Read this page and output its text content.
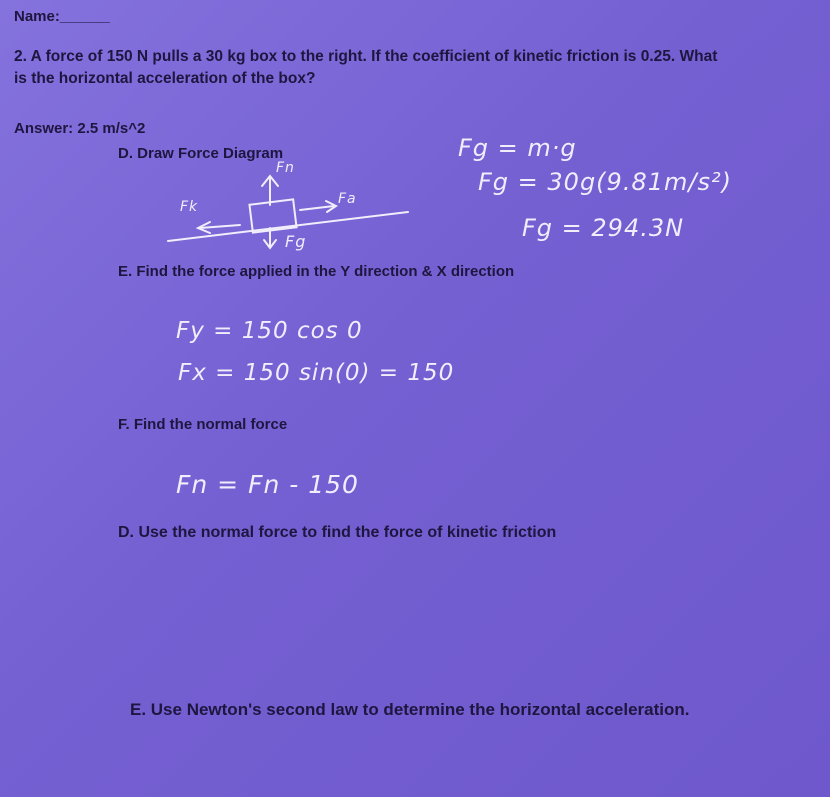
Name:______
2. A force of 150 N pulls a 30 kg box to the right. If the coefficient of kinetic friction is 0.25. What
is the horizontal acceleration of the box?
Answer: 2.5 m/s^2
D. Draw Force Diagram
Fn
Fk	Fa
Fg
Fg = m·g
Fg = 30g(9.81m/s²)
Fg = 294.3N
E. Find the force applied in the Y direction & X direction
Fy = 150 cos 0
Fx = 150 sin(0) = 150
F. Find the normal force
Fn = Fn - 150
D. Use the normal force to find the force of kinetic friction
E. Use Newton's second law to determine the horizontal acceleration.
